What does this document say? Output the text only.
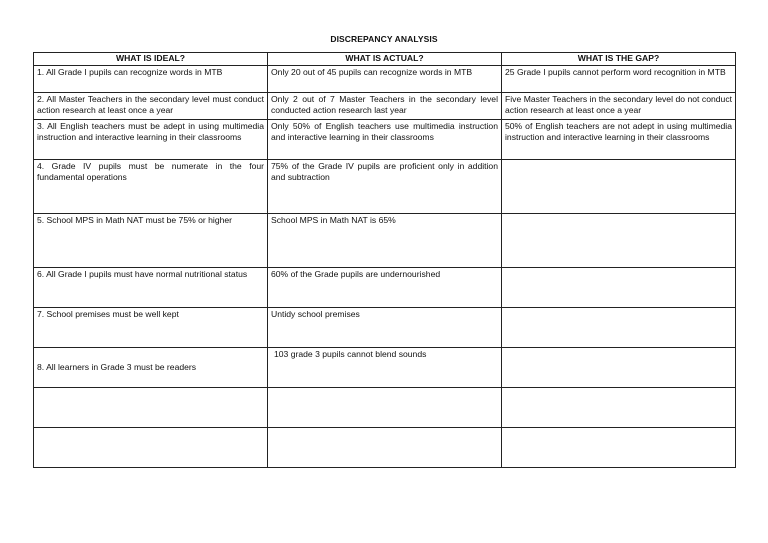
DISCREPANCY ANALYSIS
WHAT IS IDEAL?	WHAT IS ACTUAL?	WHAT IS THE GAP?
1. All Grade I pupils can recognize words in MTB	Only 20 out of 45 pupils can recognize words in MTB	25 Grade I pupils cannot perform word recognition in MTB
2. All Master Teachers in the secondary level must conduct action research at least once a year	Only 2 out of 7 Master Teachers in the secondary level conducted action research last year	Five Master Teachers in the secondary level do not conduct action research at least once a year
3. All English teachers must be adept in using multimedia instruction and interactive learning in their classrooms	Only 50% of English teachers use multimedia instruction and interactive learning in their classrooms	50% of English teachers are not adept in using multimedia instruction and interactive learning in their classrooms
4. Grade IV pupils must be numerate in the four fundamental operations	75% of the Grade IV pupils are proficient only in addition and subtraction	
5. School MPS in Math NAT must be 75% or higher	School MPS in Math NAT is 65%	
6. All Grade I pupils must have normal nutritional status	60% of the Grade pupils are undernourished	
7. School premises must be well kept	Untidy school premises	
8. All learners in Grade 3 must be readers	103 grade 3 pupils cannot blend sounds	
